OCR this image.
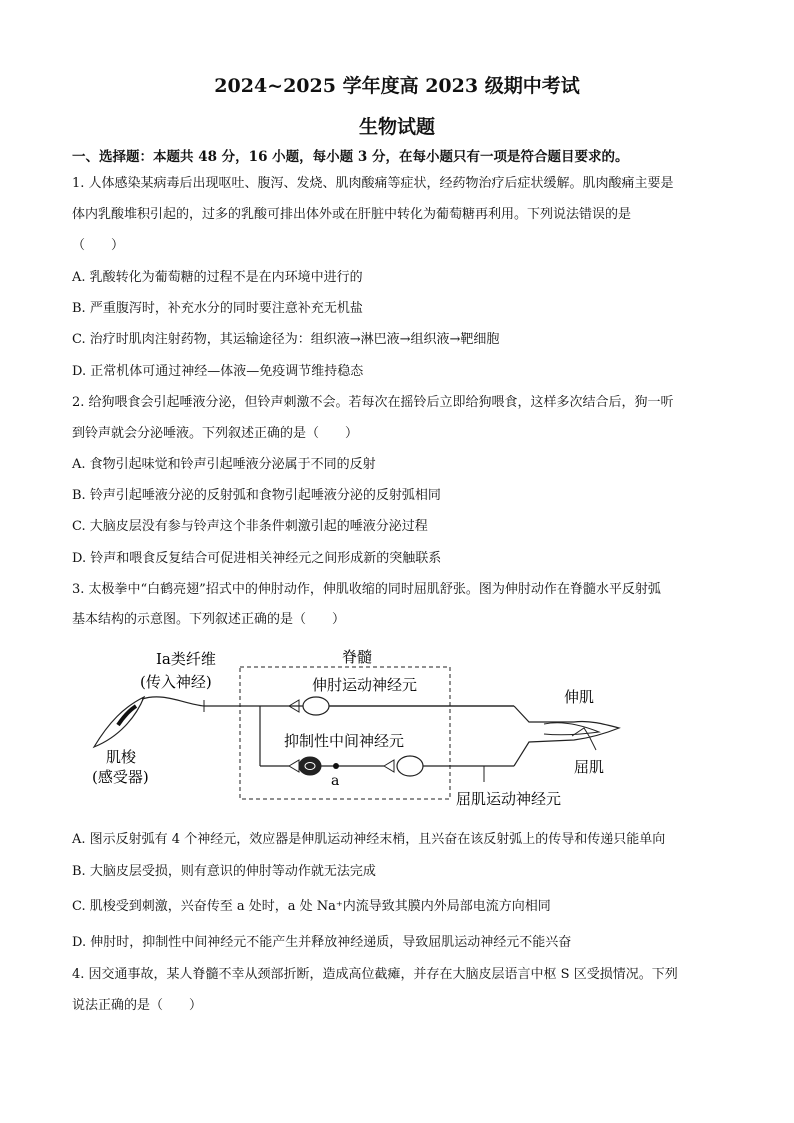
2024~2025 学年度高 2023 级期中考试
生物试题
一、选择题：本题共 48 分，16 小题，每小题 3 分，在每小题只有一项是符合题目要求的。
1. 人体感染某病毒后出现呕吐、腹泻、发烧、肌肉酸痛等症状，经药物治疗后症状缓解。肌肉酸痛主要是
体内乳酸堆积引起的，过多的乳酸可排出体外或在肝脏中转化为葡萄糖再利用。下列说法错误的是
（　　）
A. 乳酸转化为葡萄糖的过程不是在内环境中进行的
B. 严重腹泻时，补充水分的同时要注意补充无机盐
C. 治疗时肌肉注射药物，其运输途径为：组织液→淋巴液→组织液→靶细胞
D. 正常机体可通过神经—体液—免疫调节维持稳态
2. 给狗喂食会引起唾液分泌，但铃声刺激不会。若每次在摇铃后立即给狗喂食，这样多次结合后，狗一听
到铃声就会分泌唾液。下列叙述正确的是（　　）
A. 食物引起味觉和铃声引起唾液分泌属于不同的反射
B. 铃声引起唾液分泌的反射弧和食物引起唾液分泌的反射弧相同
C. 大脑皮层没有参与铃声这个非条件刺激引起的唾液分泌过程
D. 铃声和喂食反复结合可促进相关神经元之间形成新的突触联系
3. 太极拳中“白鹤亮翅”招式中的伸肘动作，伸肌收缩的同时屈肌舒张。图为伸肘动作在脊髓水平反射弧
基本结构的示意图。下列叙述正确的是（　　）
Ia类纤维
(传入神经)
脊髓
伸肘运动神经元
抑制性中间神经元
a
肌梭
(感受器)
伸肌
屈肌
屈肌运动神经元
A. 图示反射弧有 4 个神经元，效应器是伸肌运动神经末梢，且兴奋在该反射弧上的传导和传递只能单向
B. 大脑皮层受损，则有意识的伸肘等动作就无法完成
C. 肌梭受到刺激，兴奋传至 a 处时，a 处 Na⁺内流导致其膜内外局部电流方向相同
D. 伸肘时，抑制性中间神经元不能产生并释放神经递质，导致屈肌运动神经元不能兴奋
4. 因交通事故，某人脊髓不幸从颈部折断，造成高位截瘫，并存在大脑皮层语言中枢 S 区受损情况。下列
说法正确的是（　　）
